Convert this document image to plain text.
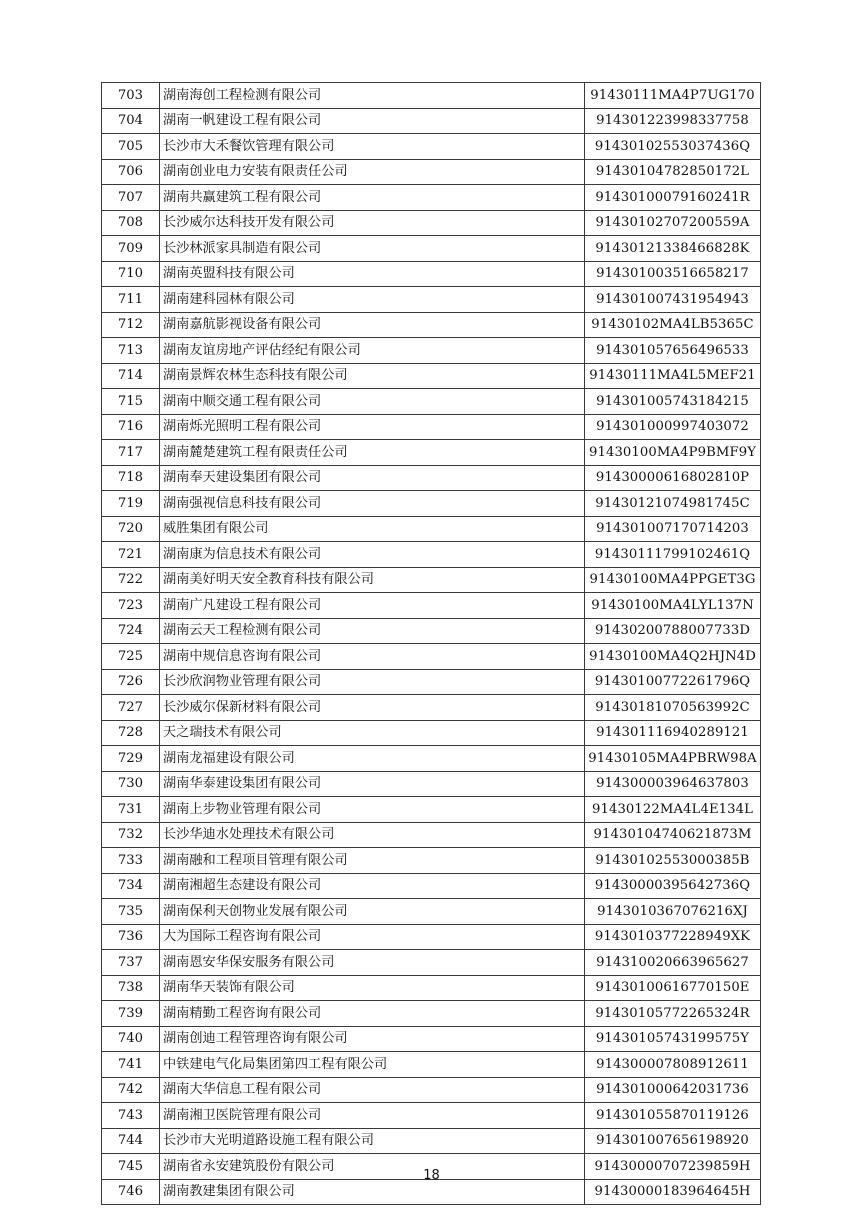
703	湖南海创工程检测有限公司	91430111MA4P7UG170
704	湖南一帆建设工程有限公司	914301223998337758
705	长沙市大禾餐饮管理有限公司	91430102553037436Q
706	湖南创业电力安装有限责任公司	91430104782850172L
707	湖南共赢建筑工程有限公司	91430100079160241R
708	长沙威尔达科技开发有限公司	91430102707200559A
709	长沙林派家具制造有限公司	91430121338466828K
710	湖南英盟科技有限公司	914301003516658217
711	湖南建科园林有限公司	914301007431954943
712	湖南嘉航影视设备有限公司	91430102MA4LB5365C
713	湖南友谊房地产评估经纪有限公司	914301057656496533
714	湖南景辉农林生态科技有限公司	91430111MA4L5MEF21
715	湖南中顺交通工程有限公司	914301005743184215
716	湖南烁光照明工程有限公司	914301000997403072
717	湖南麓楚建筑工程有限责任公司	91430100MA4P9BMF9Y
718	湖南奉天建设集团有限公司	91430000616802810P
719	湖南强视信息科技有限公司	91430121074981745C
720	威胜集团有限公司	914301007170714203
721	湖南康为信息技术有限公司	91430111799102461Q
722	湖南美好明天安全教育科技有限公司	91430100MA4PPGET3G
723	湖南广凡建设工程有限公司	91430100MA4LYL137N
724	湖南云天工程检测有限公司	91430200788007733D
725	湖南中规信息咨询有限公司	91430100MA4Q2HJN4D
726	长沙欣润物业管理有限公司	91430100772261796Q
727	长沙威尔保新材料有限公司	91430181070563992C
728	天之瑞技术有限公司	914301116940289121
729	湖南龙福建设有限公司	91430105MA4PBRW98A
730	湖南华泰建设集团有限公司	914300003964637803
731	湖南上步物业管理有限公司	91430122MA4L4E134L
732	长沙华迪水处理技术有限公司	91430104740621873M
733	湖南融和工程项目管理有限公司	91430102553000385B
734	湖南湘超生态建设有限公司	91430000395642736Q
735	湖南保利天创物业发展有限公司	9143010367076216XJ
736	大为国际工程咨询有限公司	9143010377228949XK
737	湖南恩安华保安服务有限公司	914310020663965627
738	湖南华天装饰有限公司	91430100616770150E
739	湖南精勤工程咨询有限公司	91430105772265324R
740	湖南创迪工程管理咨询有限公司	91430105743199575Y
741	中铁建电气化局集团第四工程有限公司	914300007808912611
742	湖南大华信息工程有限公司	914301000642031736
743	湖南湘卫医院管理有限公司	914301055870119126
744	长沙市大光明道路设施工程有限公司	914301007656198920
745	湖南省永安建筑股份有限公司	91430000707239859H
746	湖南教建集团有限公司	91430000183964645H
18
